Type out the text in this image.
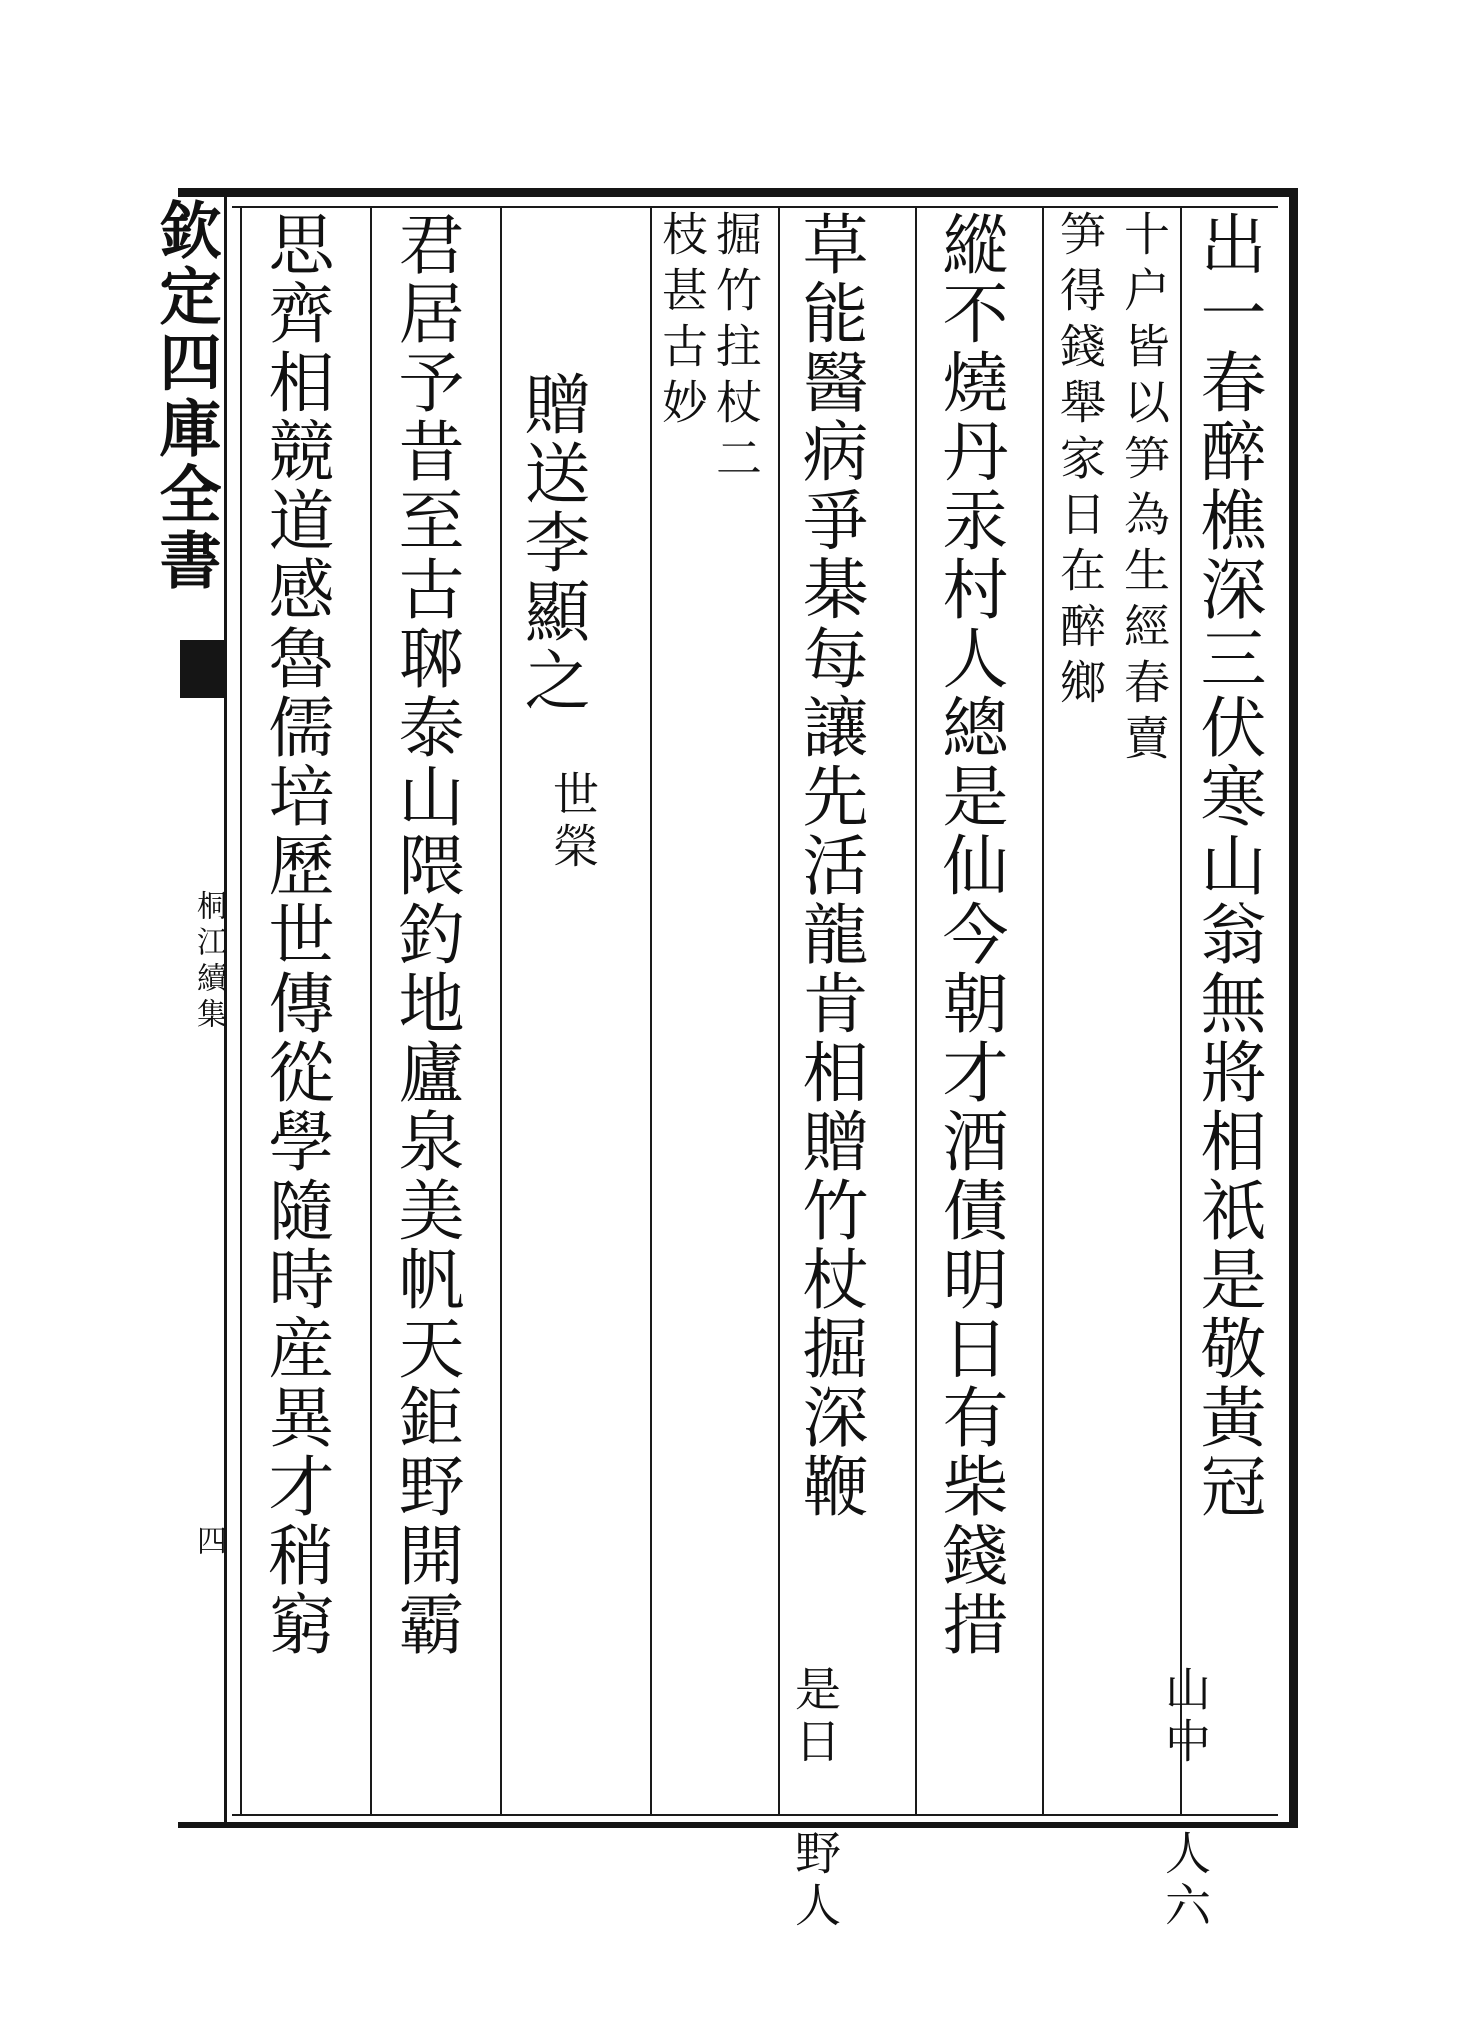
欽定四庫全書
桐江續集
四
出一春醉樵深三伏寒山翁無將相祇是敬黃冠
山中 人六
十户皆以笋為生經春賣
笋得錢舉家日在醉鄉
縱不燒丹汞村人總是仙今朝才酒債明日有柴錢措
草能醫病爭棊每讓先活龍肯相贈竹杖掘深鞭
是日 野人
掘竹拄杖二
枝甚古妙
贈送李顯之
世榮
君居予昔至古郰泰山隈釣地廬泉美帆天鉅野開霸
思齊相競道感魯儒培歷世傳從學隨時産異才稍窮
